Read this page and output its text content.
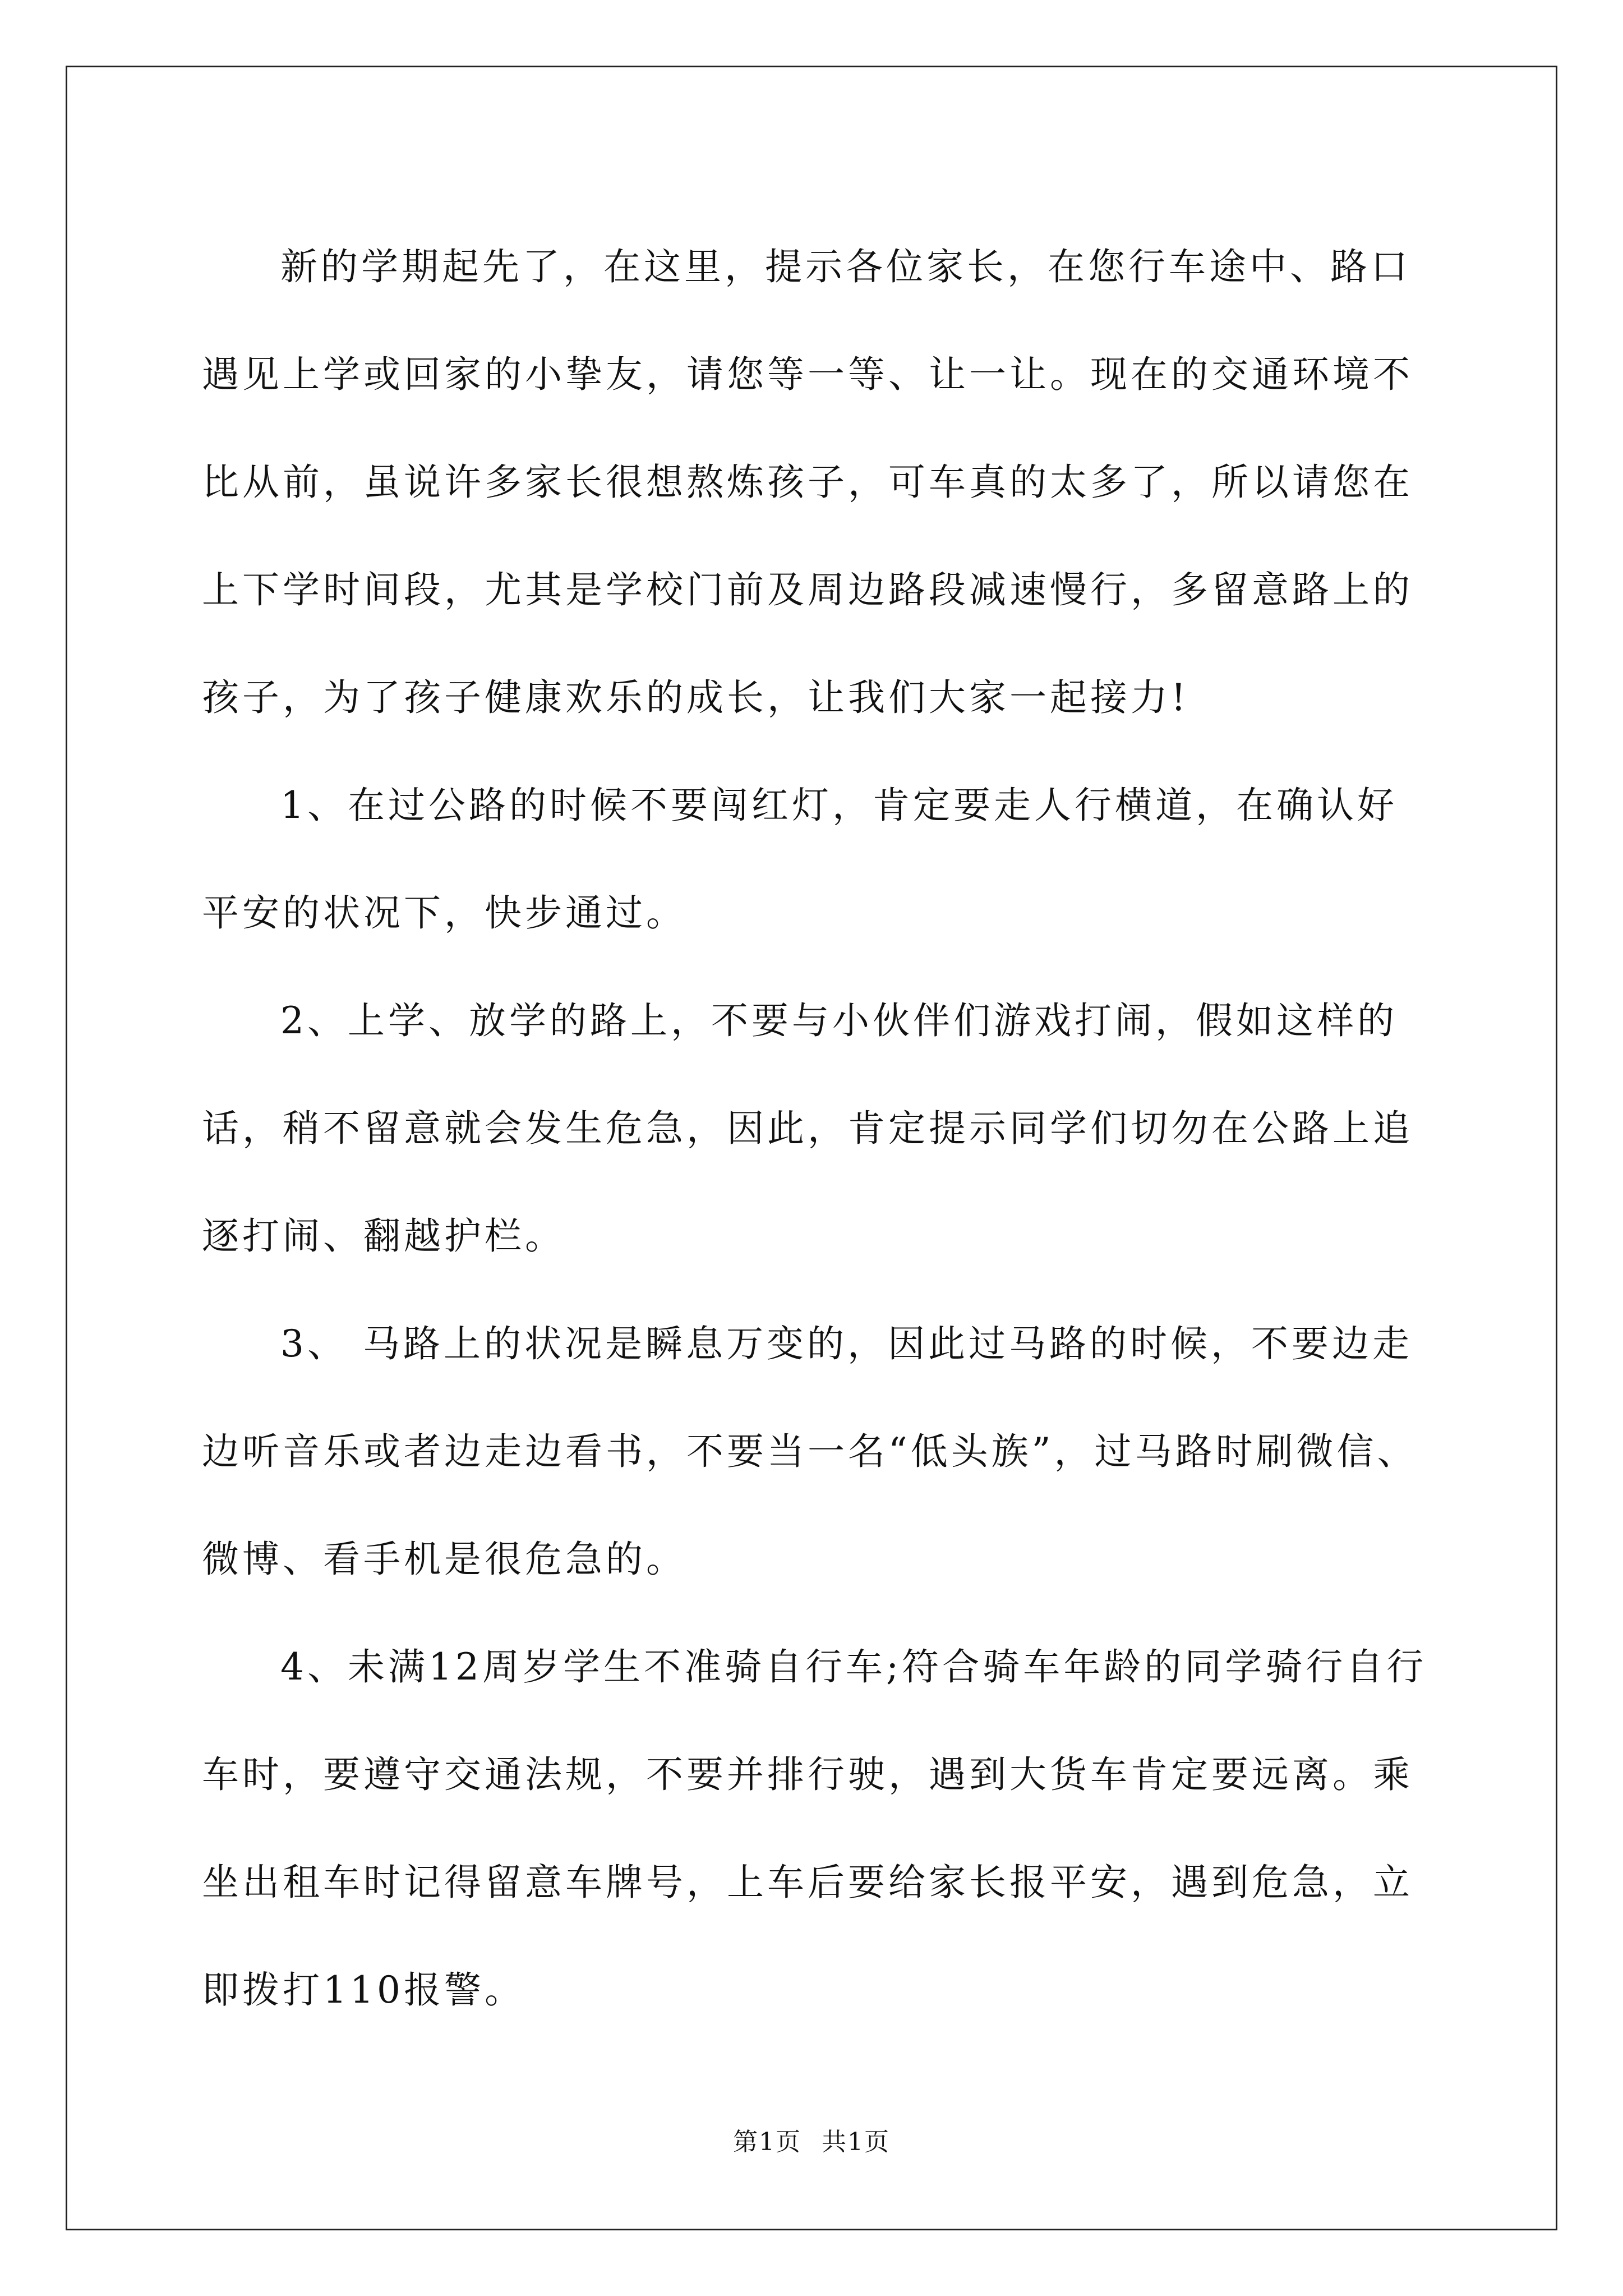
新的学期起先了，在这里，提示各位家长，在您行车途中、路口遇见上学或回家的小挚友，请您等一等、让一让。现在的交通环境不比从前，虽说许多家长很想熬炼孩子，可车真的太多了，所以请您在上下学时间段，尤其是学校门前及周边路段减速慢行，多留意路上的孩子，为了孩子健康欢乐的成长，让我们大家一起接力!

1、在过公路的时候不要闯红灯，肯定要走人行横道，在确认好平安的状况下，快步通过。

2、上学、放学的路上，不要与小伙伴们游戏打闹，假如这样的话，稍不留意就会发生危急，因此，肯定提示同学们切勿在公路上追逐打闹、翻越护栏。

3、 马路上的状况是瞬息万变的，因此过马路的时候，不要边走边听音乐或者边走边看书，不要当一名“低头族”，过马路时刷微信、微博、看手机是很危急的。

4、未满12周岁学生不准骑自行车;符合骑车年龄的同学骑行自行车时，要遵守交通法规，不要并排行驶，遇到大货车肯定要远离。乘坐出租车时记得留意车牌号，上车后要给家长报平安，遇到危急，立即拨打110报警。

第1页 共1页
